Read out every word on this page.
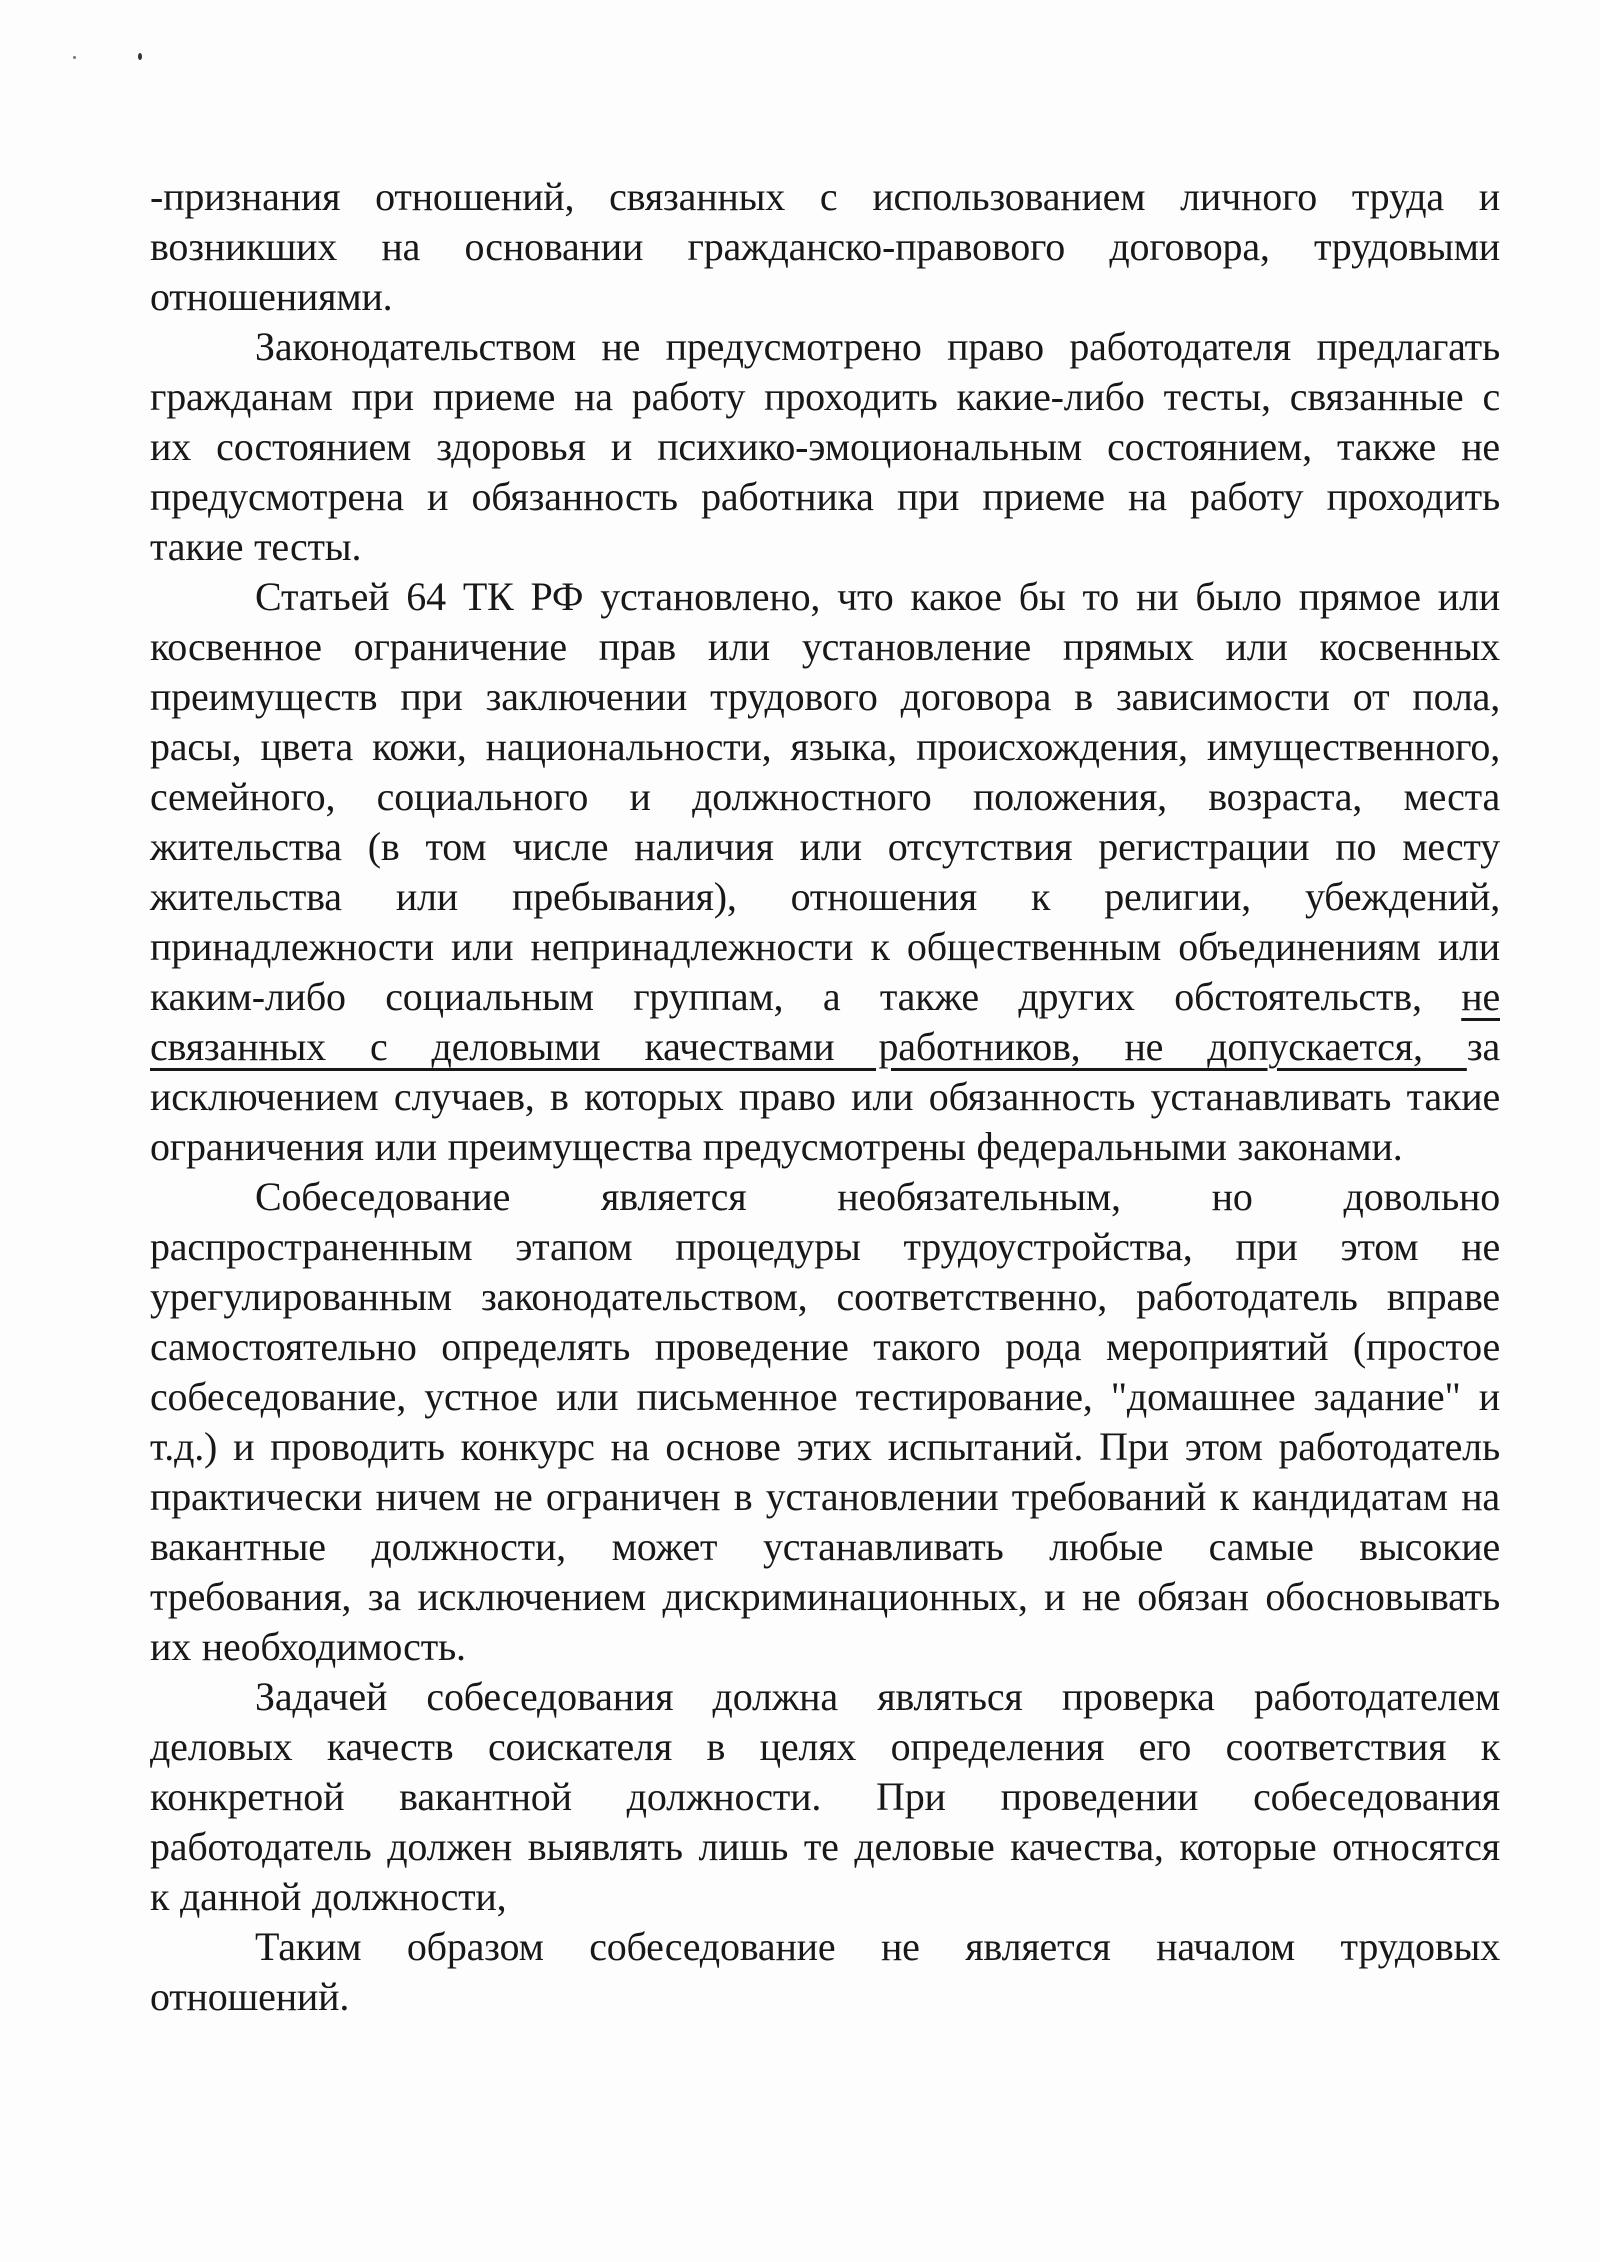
-признания отношений, связанных с использованием личного труда и
возникших на основании гражданско-правового договора, трудовыми
отношениями.
Законодательством не предусмотрено право работодателя предлагать
гражданам при приеме на работу проходить какие-либо тесты, связанные с
их состоянием здоровья и психико-эмоциональным состоянием, также не
предусмотрена и обязанность работника при приеме на работу проходить
такие тесты.
Статьей 64 ТК РФ установлено, что какое бы то ни было прямое или
косвенное ограничение прав или установление прямых или косвенных
преимуществ при заключении трудового договора в зависимости от пола,
расы, цвета кожи, национальности, языка, происхождения, имущественного,
семейного, социального и должностного положения, возраста, места
жительства (в том числе наличия или отсутствия регистрации по месту
жительства или пребывания), отношения к религии, убеждений,
принадлежности или непринадлежности к общественным объединениям или
каким-либо социальным группам, а также других обстоятельств, не
связанных с деловыми качествами работников, не допускается, за
исключением случаев, в которых право или обязанность устанавливать такие
ограничения или преимущества предусмотрены федеральными законами.
Собеседование является необязательным, но довольно
распространенным этапом процедуры трудоустройства, при этом не
урегулированным законодательством, соответственно, работодатель вправе
самостоятельно определять проведение такого рода мероприятий (простое
собеседование, устное или письменное тестирование, "домашнее задание" и
т.д.) и проводить конкурс на основе этих испытаний. При этом работодатель
практически ничем не ограничен в установлении требований к кандидатам на
вакантные должности, может устанавливать любые самые высокие
требования, за исключением дискриминационных, и не обязан обосновывать
их необходимость.
Задачей собеседования должна являться проверка работодателем
деловых качеств соискателя в целях определения его соответствия к
конкретной вакантной должности. При проведении собеседования
работодатель должен выявлять лишь те деловые качества, которые относятся
к данной должности,
Таким образом собеседование не является началом трудовых
отношений.
